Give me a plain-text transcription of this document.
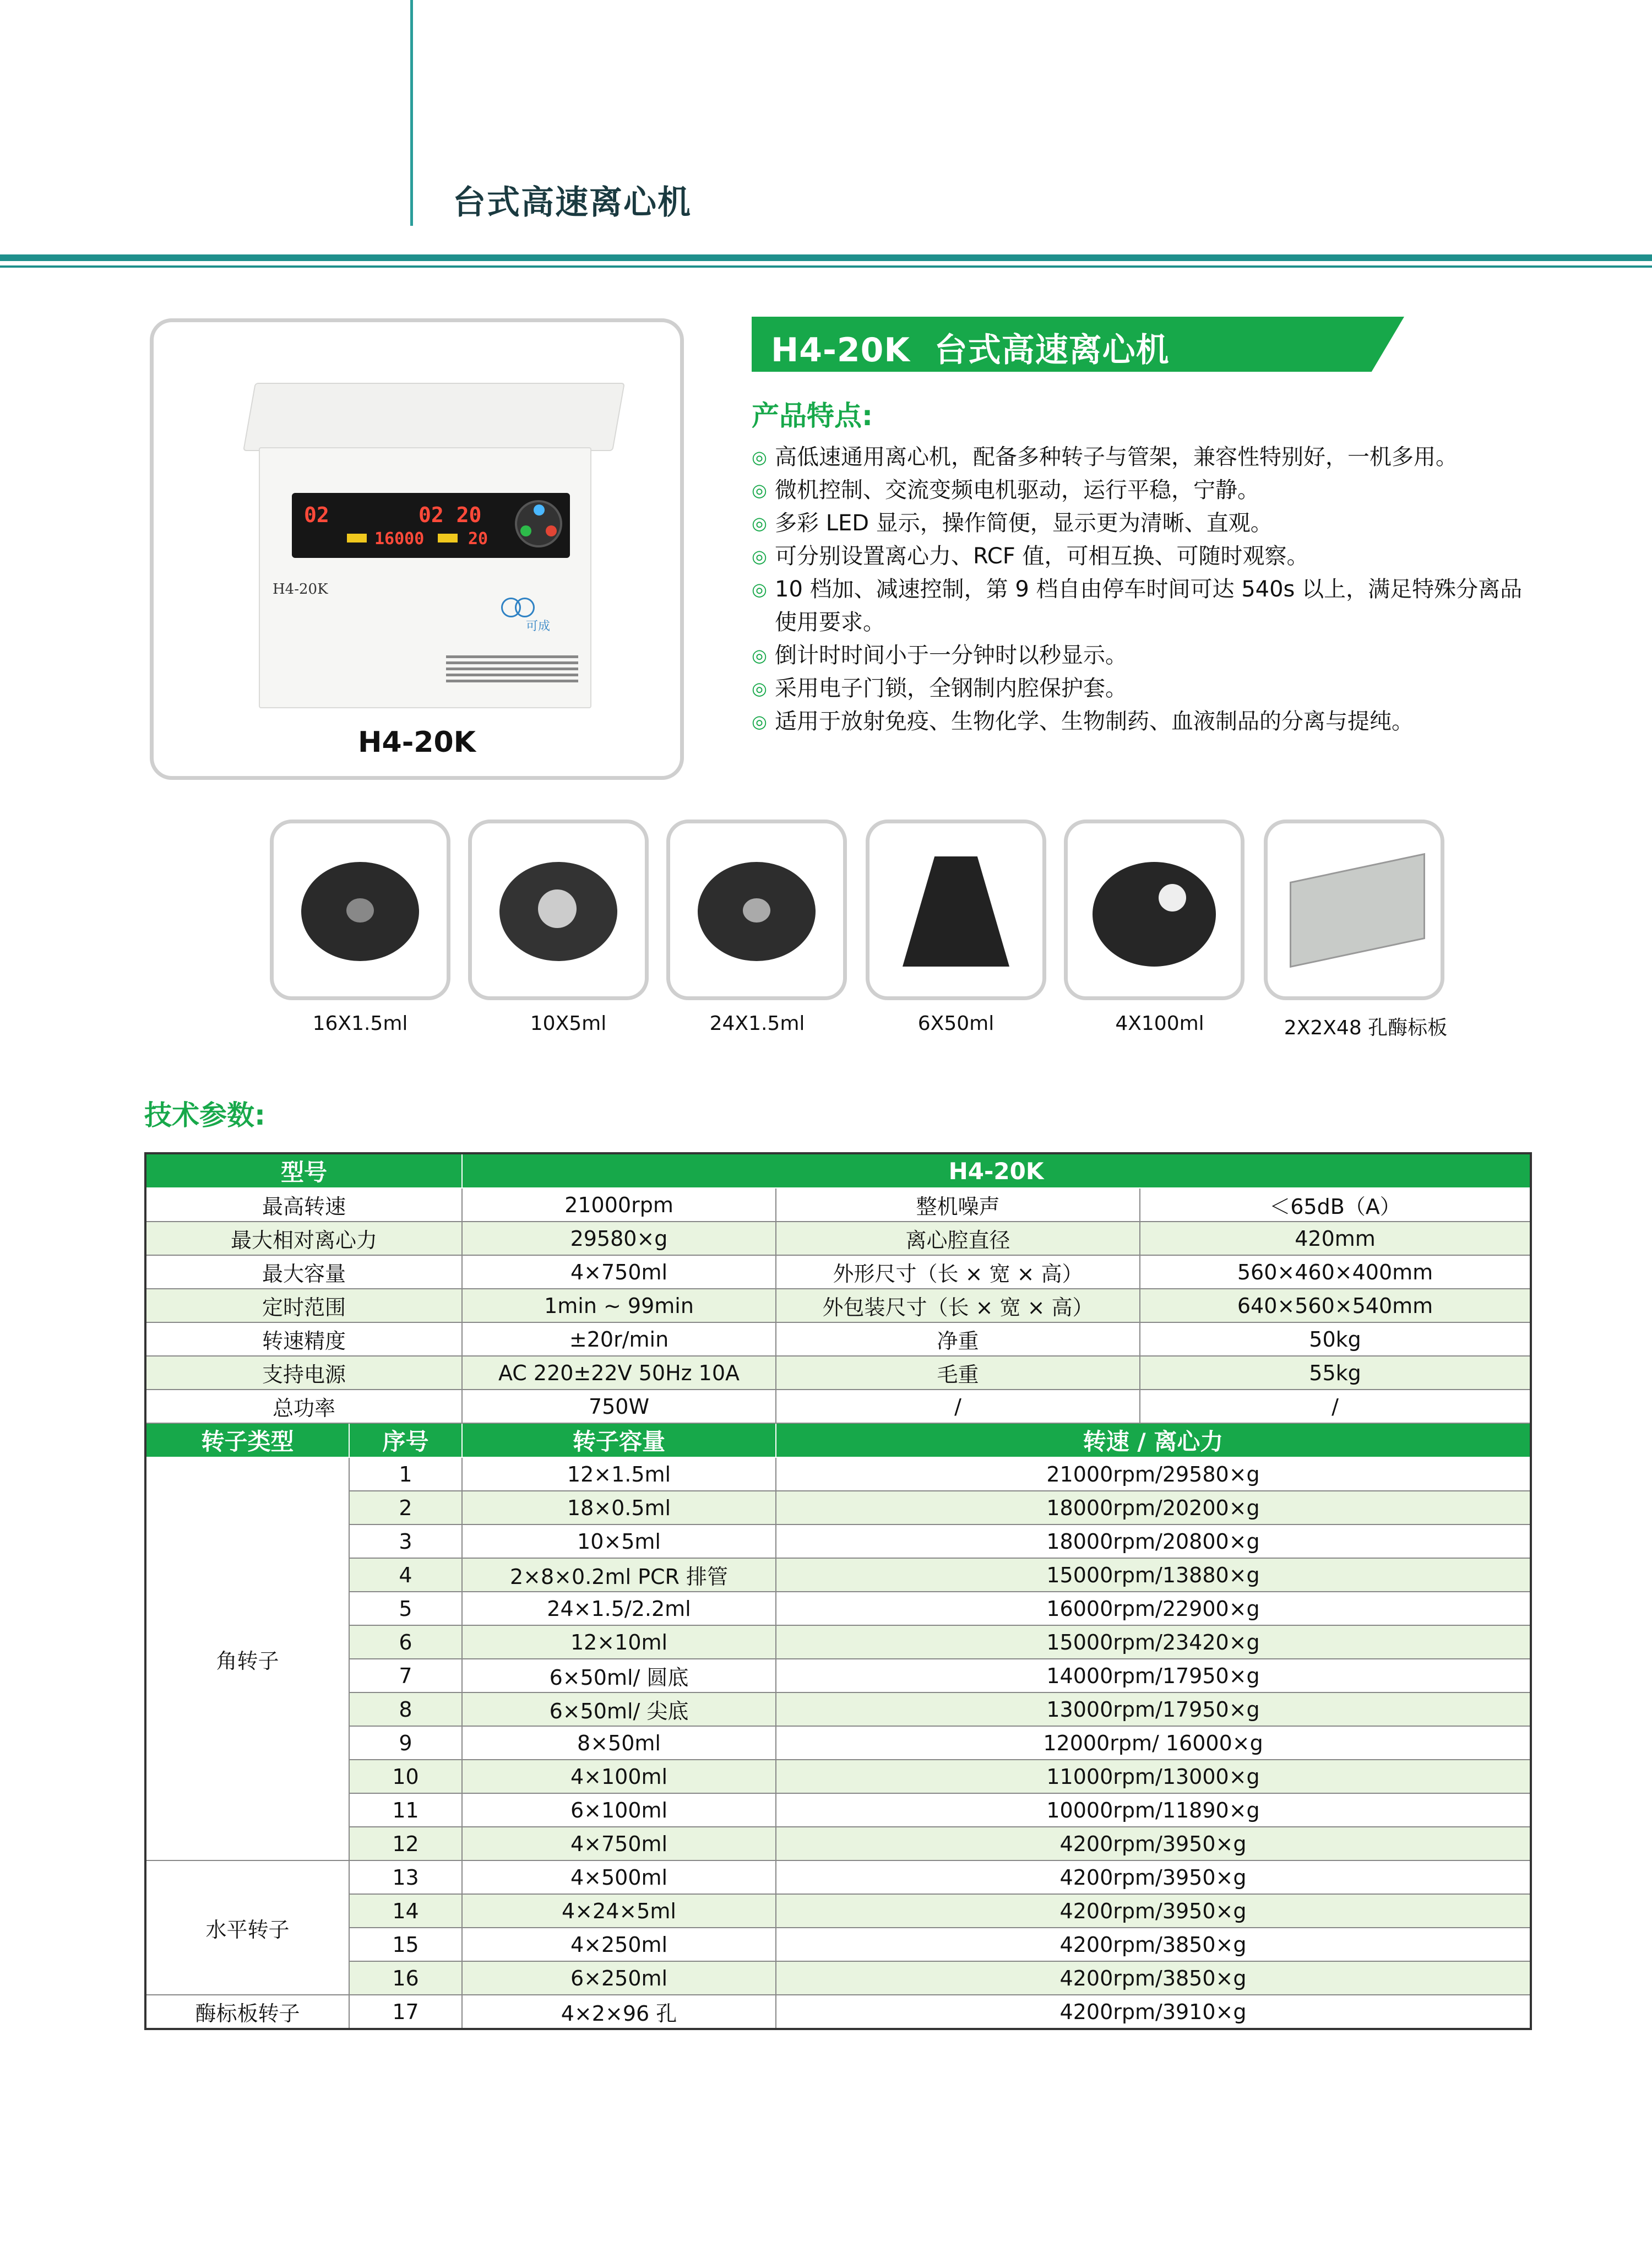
台式高速离心机
02	02 20
16000	20
H4-20K
可成
H4-20K
H4-20K  台式高速离心机
产品特点:
◎ 高低速通用离心机，配备多种转子与管架，兼容性特别好，一机多用。
◎ 微机控制、交流变频电机驱动，运行平稳，宁静。
◎ 多彩 LED 显示，操作简便，显示更为清晰、直观。
◎ 可分别设置离心力、RCF 值，可相互换、可随时观察。
◎ 10 档加、减速控制，第 9 档自由停车时间可达 540s 以上，满足特殊分离品使用要求。
◎ 倒计时时间小于一分钟时以秒显示。
◎ 采用电子门锁，全钢制内腔保护套。
◎ 适用于放射免疫、生物化学、生物制药、血液制品的分离与提纯。
16X1.5ml	10X5ml	24X1.5ml	6X50ml	4X100ml	2X2X48 孔酶标板
技术参数:
型号		H4-20K		
最高转速		21000rpm	整机噪声	＜65dB（A）
最大相对离心力		29580×g	离心腔直径	420mm
最大容量		4×750ml	外形尺寸（长 × 宽 × 高）	560×460×400mm
定时范围		1min ~ 99min	外包装尺寸（长 × 宽 × 高）	640×560×540mm
转速精度		±20r/min	净重	50kg
支持电源		AC 220±22V 50Hz 10A	毛重	55kg
总功率		750W	/	/
转子类型	序号	转子容量	转速 / 离心力	
角转子	1	12×1.5ml	21000rpm/29580×g	
	2	18×0.5ml	18000rpm/20200×g	
	3	10×5ml	18000rpm/20800×g	
	4	2×8×0.2ml PCR 排管	15000rpm/13880×g	
	5	24×1.5/2.2ml	16000rpm/22900×g	
	6	12×10ml	15000rpm/23420×g	
	7	6×50ml/ 圆底	14000rpm/17950×g	
	8	6×50ml/ 尖底	13000rpm/17950×g	
	9	8×50ml	12000rpm/ 16000×g	
	10	4×100ml	11000rpm/13000×g	
	11	6×100ml	10000rpm/11890×g	
	12	4×750ml	4200rpm/3950×g	
水平转子	13	4×500ml	4200rpm/3950×g	
	14	4×24×5ml	4200rpm/3950×g	
	15	4×250ml	4200rpm/3850×g	
	16	6×250ml	4200rpm/3850×g	
酶标板转子	17	4×2×96 孔	4200rpm/3910×g	
